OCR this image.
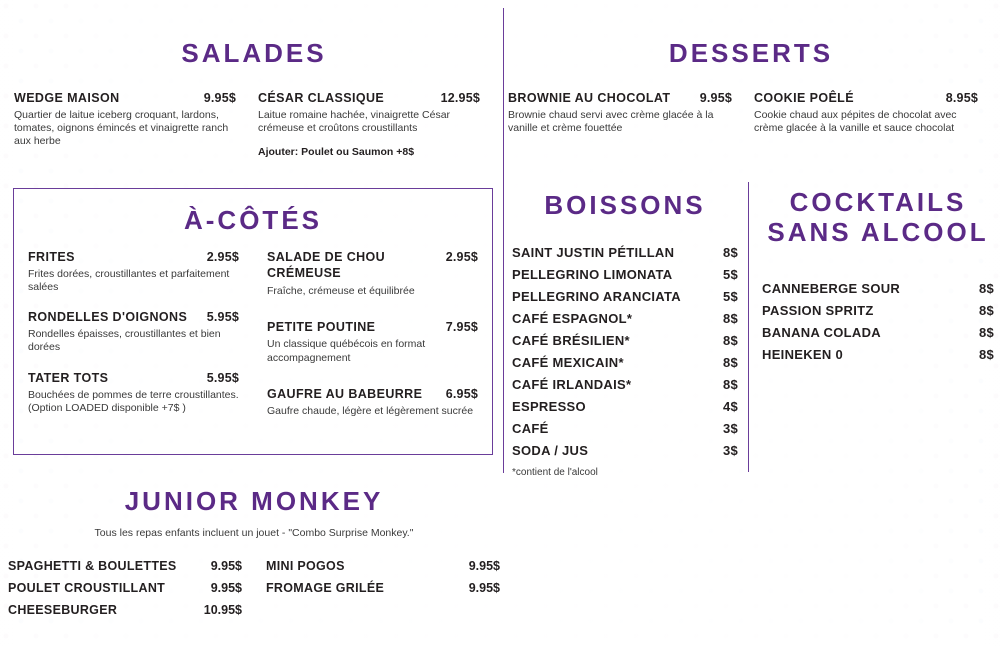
SALADES
WEDGE MAISON	9.95$
Quartier de laitue iceberg croquant, lardons, tomates, oignons émincés et vinaigrette ranch aux herbe
CÉSAR CLASSIQUE	12.95$
Laitue romaine hachée, vinaigrette César crémeuse et croûtons croustillants
Ajouter: Poulet ou Saumon +8$
DESSERTS
BROWNIE AU CHOCOLAT 9.95$
Brownie chaud servi avec crème glacée à la vanille et crème fouettée
COOKIE POÊLÉ	8.95$
Cookie chaud aux pépites de chocolat avec crème glacée à la vanille et sauce chocolat
À-CÔTÉS
FRITES	2.95$
Frites dorées, croustillantes et parfaitement salées
RONDELLES D'OIGNONS 5.95$
Rondelles épaisses, croustillantes et bien dorées
TATER TOTS	5.95$
Bouchées de pommes de terre croustillantes. (Option LOADED disponible +7$ )
SALADE DE CHOU CRÉMEUSE
2.95$
Fraîche, crémeuse et équilibrée
PETITE POUTINE	7.95$
Un classique québécois en format accompagnement
GAUFRE AU BABEURRE 6.95$
Gaufre chaude, légère et légèrement sucrée
BOISSONS
SAINT JUSTIN PÉTILLAN	8$
PELLEGRINO LIMONATA	5$
PELLEGRINO ARANCIATA	5$
CAFÉ ESPAGNOL*	8$
CAFÉ BRÉSILIEN*	8$
CAFÉ MEXICAIN*	8$
CAFÉ IRLANDAIS*	8$
ESPRESSO	4$
CAFÉ	3$
SODA / JUS	3$
*contient de l'alcool
COCKTAILS
SANS ALCOOL
CANNEBERGE SOUR	8$
PASSION SPRITZ	8$
BANANA COLADA	8$
HEINEKEN 0	8$
JUNIOR MONKEY
Tous les repas enfants incluent un jouet - "Combo Surprise Monkey."
SPAGHETTI & BOULETTES	9.95$
POULET CROUSTILLANT	9.95$
CHEESEBURGER	10.95$
MINI POGOS	9.95$
FROMAGE GRILÉE	9.95$
